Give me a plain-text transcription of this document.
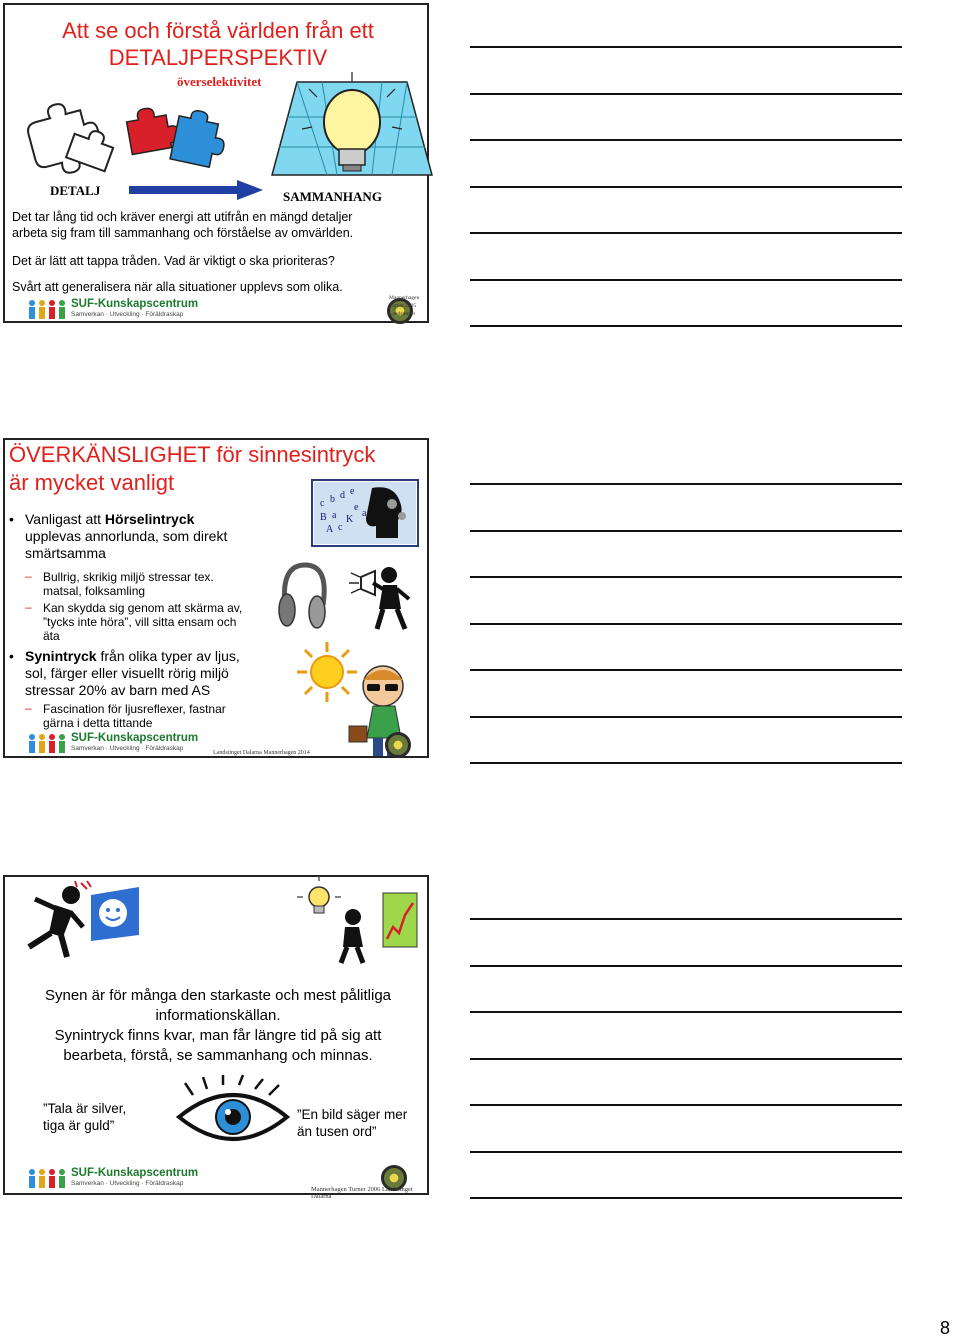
Att se och förstå världen från ett
DETALJPERSPEKTIV
överselektivitet
DETALJ	SAMMANHANG
Det tar lång tid och kräver energi att utifrån en mängd detaljer
arbeta sig fram till sammanhang och förståelse av omvärlden.
Det är lätt att tappa tråden. Vad är viktigt o ska prioriteras?
Svårt att generalisera när alla situationer upplevs som olika.
SUF-Kunskapscentrum
Samverkan · Utveckling · Föräldraskap
Mannerhagen
Turner 2005
Landstinget
ÖVERKÄNSLIGHET för sinnesintryck
är mycket vanligt
• Vanligast att Hörselintryck
upplevas annorlunda, som direkt
smärtsamma
– Bullrig, skrikig miljö stressar tex.
matsal, folksamling
– Kan skydda sig genom att skärma av,
”tycks inte höra”, vill sitta ensam och
äta
• Synintryck från olika typer av ljus,
sol, färger eller visuellt rörig miljö
stressar 20% av barn med AS
– Fascination för ljusreflexer, fastnar
gärna i detta tittande
c b d e
B a
e
A c
K
a
SUF-Kunskapscentrum
Samverkan · Utveckling · Föräldraskap
Landstinget Dalarna Mannerhagen 2014
Synen är för många den starkaste och mest pålitliga
informationskällan.
Synintryck finns kvar, man får längre tid på sig att
bearbeta, förstå, se sammanhang och minnas.
”Tala är silver,
tiga är guld”
”En bild säger mer
än tusen ord”
SUF-Kunskapscentrum
Samverkan · Utveckling · Föräldraskap
Mannerhagen Turner 2006 Landstinget Dalarna
8
